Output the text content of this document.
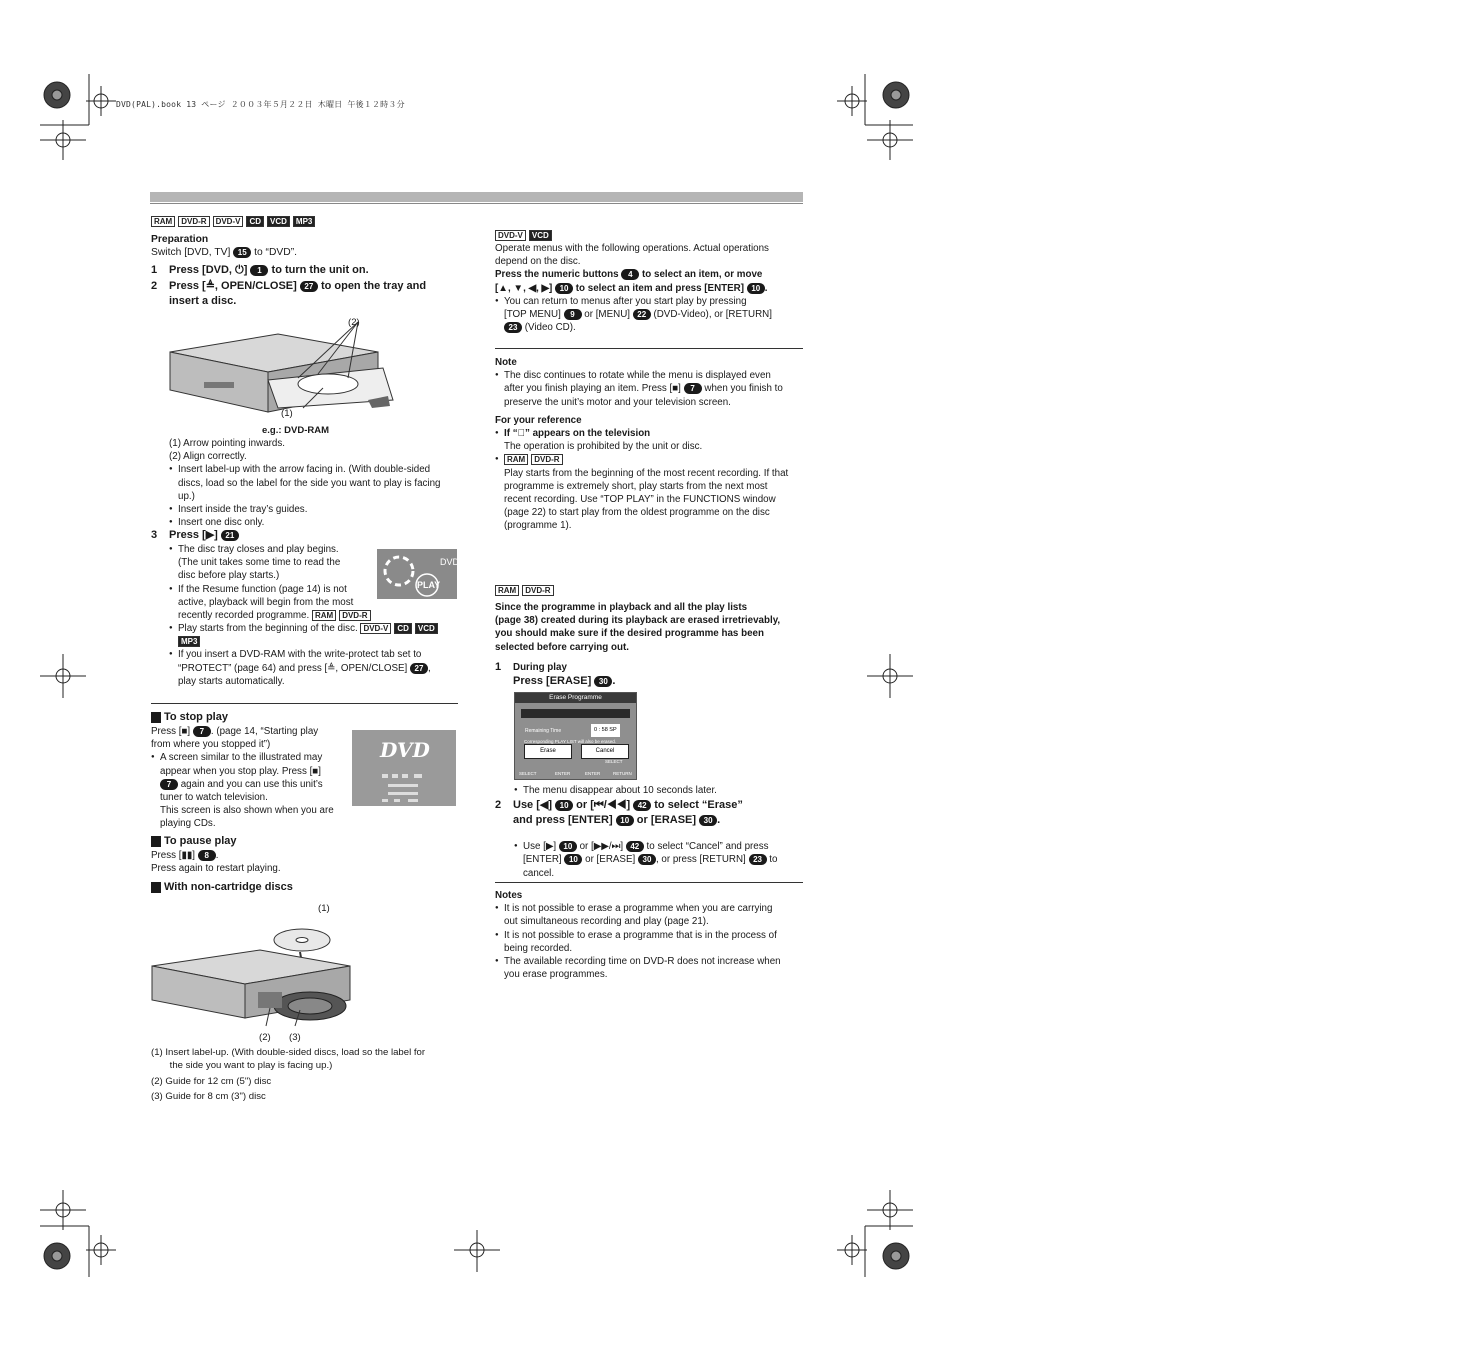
DVD(PAL).book 13 ページ ２００３年５月２２日 木曜日 午後１２時３分
RAM DVD-R DVD-V CD VCD MP3
Preparation
Switch [DVD, TV] 15 to “DVD”.
1 Press [DVD, ⏻] 1 to turn the unit on.
2 Press [≜, OPEN/CLOSE] 27 to open the tray and
insert a disc.
(2)
(1)
e.g.: DVD-RAM
(1) Arrow pointing inwards.
(2) Align correctly.
● Insert label-up with the arrow facing in. (With double-sided
discs, load so the label for the side you want to play is facing
up.)
● Insert inside the tray’s guides.
● Insert one disc only.
3 Press [▶] 21
● The disc tray closes and play begins.
(The unit takes some time to read the
disc before play starts.)
● If the Resume function (page 14) is not
active, playback will begin from the most
recently recorded programme. RAM DVD-R
● Play starts from the beginning of the disc. DVD-V CD VCD
MP3
● If you insert a DVD-RAM with the write-protect tab set to
“PROTECT” (page 64) and press [≜, OPEN/CLOSE] 27 ,
play starts automatically.
PLAY
DVD
To stop play
Press [■] 7 . (page 14, “Starting play
from where you stopped it”)
● A screen similar to the illustrated may
appear when you stop play. Press [■]
7 again and you can use this unit’s
tuner to watch television.
This screen is also shown when you are
playing CDs.
DVD
To pause play
Press [▮▮] 8 .
Press again to restart playing.
With non-cartridge discs
(1)
(2) (3)
(1) Insert label-up. (With double-sided discs, load so the label for
the side you want to play is facing up.)
(2) Guide for 12 cm (5") disc
(3) Guide for 8 cm (3") disc
DVD-V VCD
Operate menus with the following operations. Actual operations
depend on the disc.
Press the numeric buttons 4 to select an item, or move
[▲, ▼, ◀, ▶] 10 to select an item and press [ENTER] 10 .
● You can return to menus after you start play by pressing
[TOP MENU] 9 or [MENU] 22 (DVD-Video), or [RETURN]
23 (Video CD).
Note
● The disc continues to rotate while the menu is displayed even
after you finish playing an item. Press [■] 7 when you finish to
preserve the unit’s motor and your television screen.
For your reference
● If “⃠” appears on the television
The operation is prohibited by the unit or disc.
● RAM DVD-R
Play starts from the beginning of the most recent recording. If that
programme is extremely short, play starts from the next most
recent recording. Use “TOP PLAY” in the FUNCTIONS window
(page 22) to start play from the oldest programme on the disc
(programme 1).
RAM DVD-R
Since the programme in playback and all the play lists
(page 38) created during its playback are erased irretrievably,
you should make sure if the desired programme has been
selected before carrying out.
1 During play
Press [ERASE] 30 .
Erase Programme
Remaining Time	0 : 58 SP
Corresponding PLAY LIST will also be erased.
Erase	Cancel
SELECT	ENTER
SELECT
ENTER	RETURN
● The menu disappear about 10 seconds later.
2 Use [◀] 10 or [⏮/◀◀] 42 to select “Erase”
and press [ENTER] 10 or [ERASE] 30 .
● Use [▶] 10 or [▶▶/⏭] 42 to select “Cancel” and press
[ENTER] 10 or [ERASE] 30 , or press [RETURN] 23 to
cancel.
Notes
● It is not possible to erase a programme when you are carrying
out simultaneous recording and play (page 21).
● It is not possible to erase a programme that is in the process of
being recorded.
● The available recording time on DVD-R does not increase when
you erase programmes.
